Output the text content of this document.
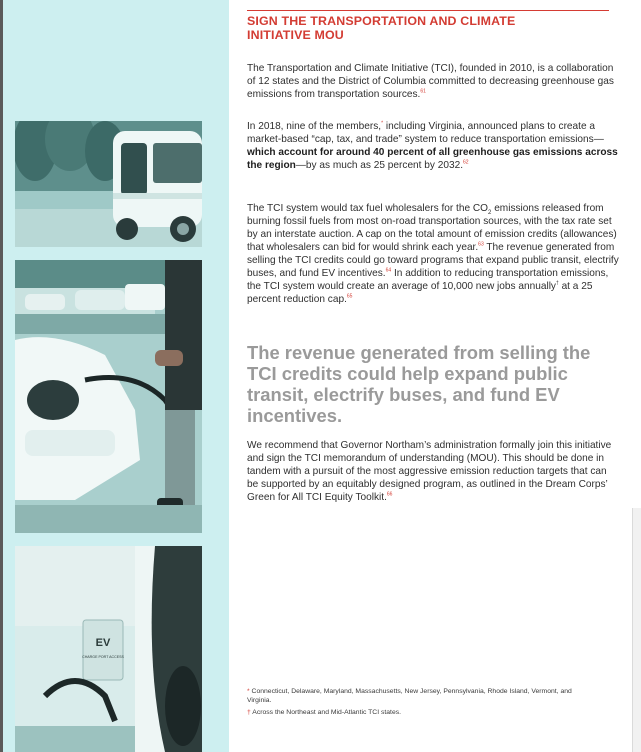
EV
CHARGE PORT ACCESS
SIGN THE TRANSPORTATION AND CLIMATE INITIATIVE MOU

The Transportation and Climate Initiative (TCI), founded in 2010, is a collaboration of 12 states and the District of Columbia committed to decreasing greenhouse gas emissions from transportation sources.$^{61}$

In 2018, nine of the members,* including Virginia, announced plans to create a market-based “cap, tax, and trade” system to reduce transportation emissions—which account for around 40 percent of all greenhouse gas emissions across the region—by as much as 25 percent by 2032.62

The TCI system would tax fuel wholesalers for the $CO_2$ emissions released from burning fossil fuels from most on-road transportation sources, with the tax rate set by an interstate auction. A cap on the total amount of emission credits (allowances) that wholesalers can bid for would shrink each year.$^{63}$ The revenue generated from selling the TCI credits could go toward programs that expand public transit, electrify buses, and fund EV incentives.$^{64}$ In addition to reducing transportation emissions, the TCI system would create an average of 10,000 new jobs annually† at a 25 percent reduction cap.$^{65}$

The revenue generated from selling the TCI credits could help expand public transit, electrify buses, and fund EV incentives.

We recommend that Governor Northam’s administration formally join this initiative and sign the TCI memorandum of understanding (MOU). This should be done in tandem with a pursuit of the most aggressive emission reduction targets that can be supported by an equitably designed program, as outlined in the Dream Corps’ Green for All TCI Equity Toolkit.$^{66}$

* Connecticut, Delaware, Maryland, Massachusetts, New Jersey, Pennsylvania, Rhode Island, Vermont, and Virginia.
† Across the Northeast and Mid-Atlantic TCI states.
